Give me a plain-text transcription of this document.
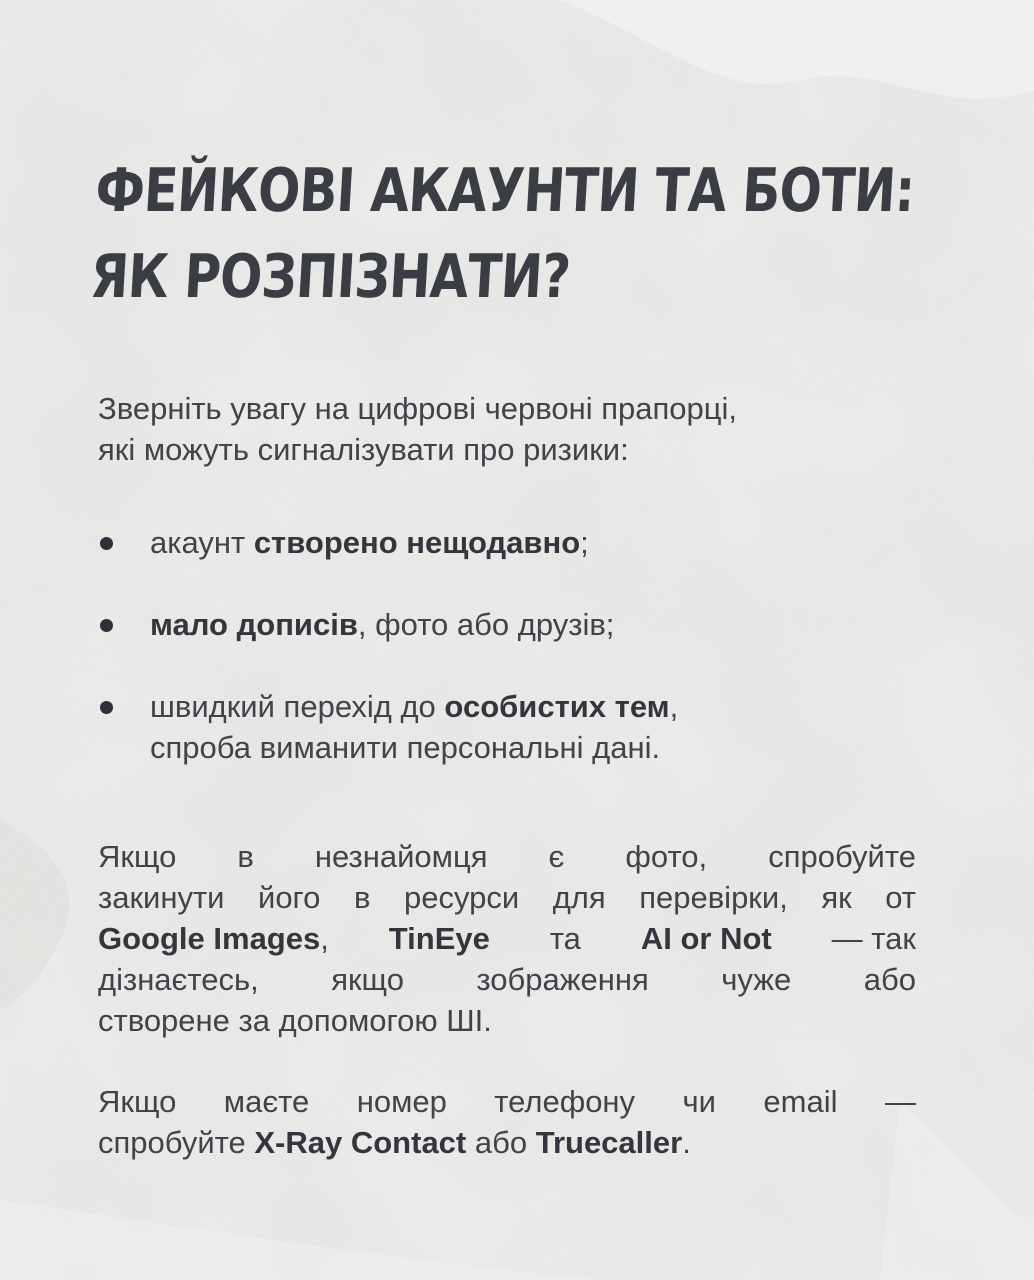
ФЕЙКОВІ АКАУНТИ ТА БОТИ:
ЯК РОЗПІЗНАТИ?

Зверніть увагу на цифрові червоні прапорці,
які можуть сигналізувати про ризики:

акаунт створено нещодавно;
мало дописів, фото або друзів;
швидкий перехід до особистих тем,
спроба виманити персональні дані.

Якщо в незнайомця є фото, спробуйте
закинути його в ресурси для перевірки, як от
Google Images, TinEye та AI or Not — так
дізнаєтесь, якщо зображення чуже або
створене за допомогою ШІ.

Якщо маєте номер телефону чи email —
спробуйте X-Ray Contact або Truecaller.
